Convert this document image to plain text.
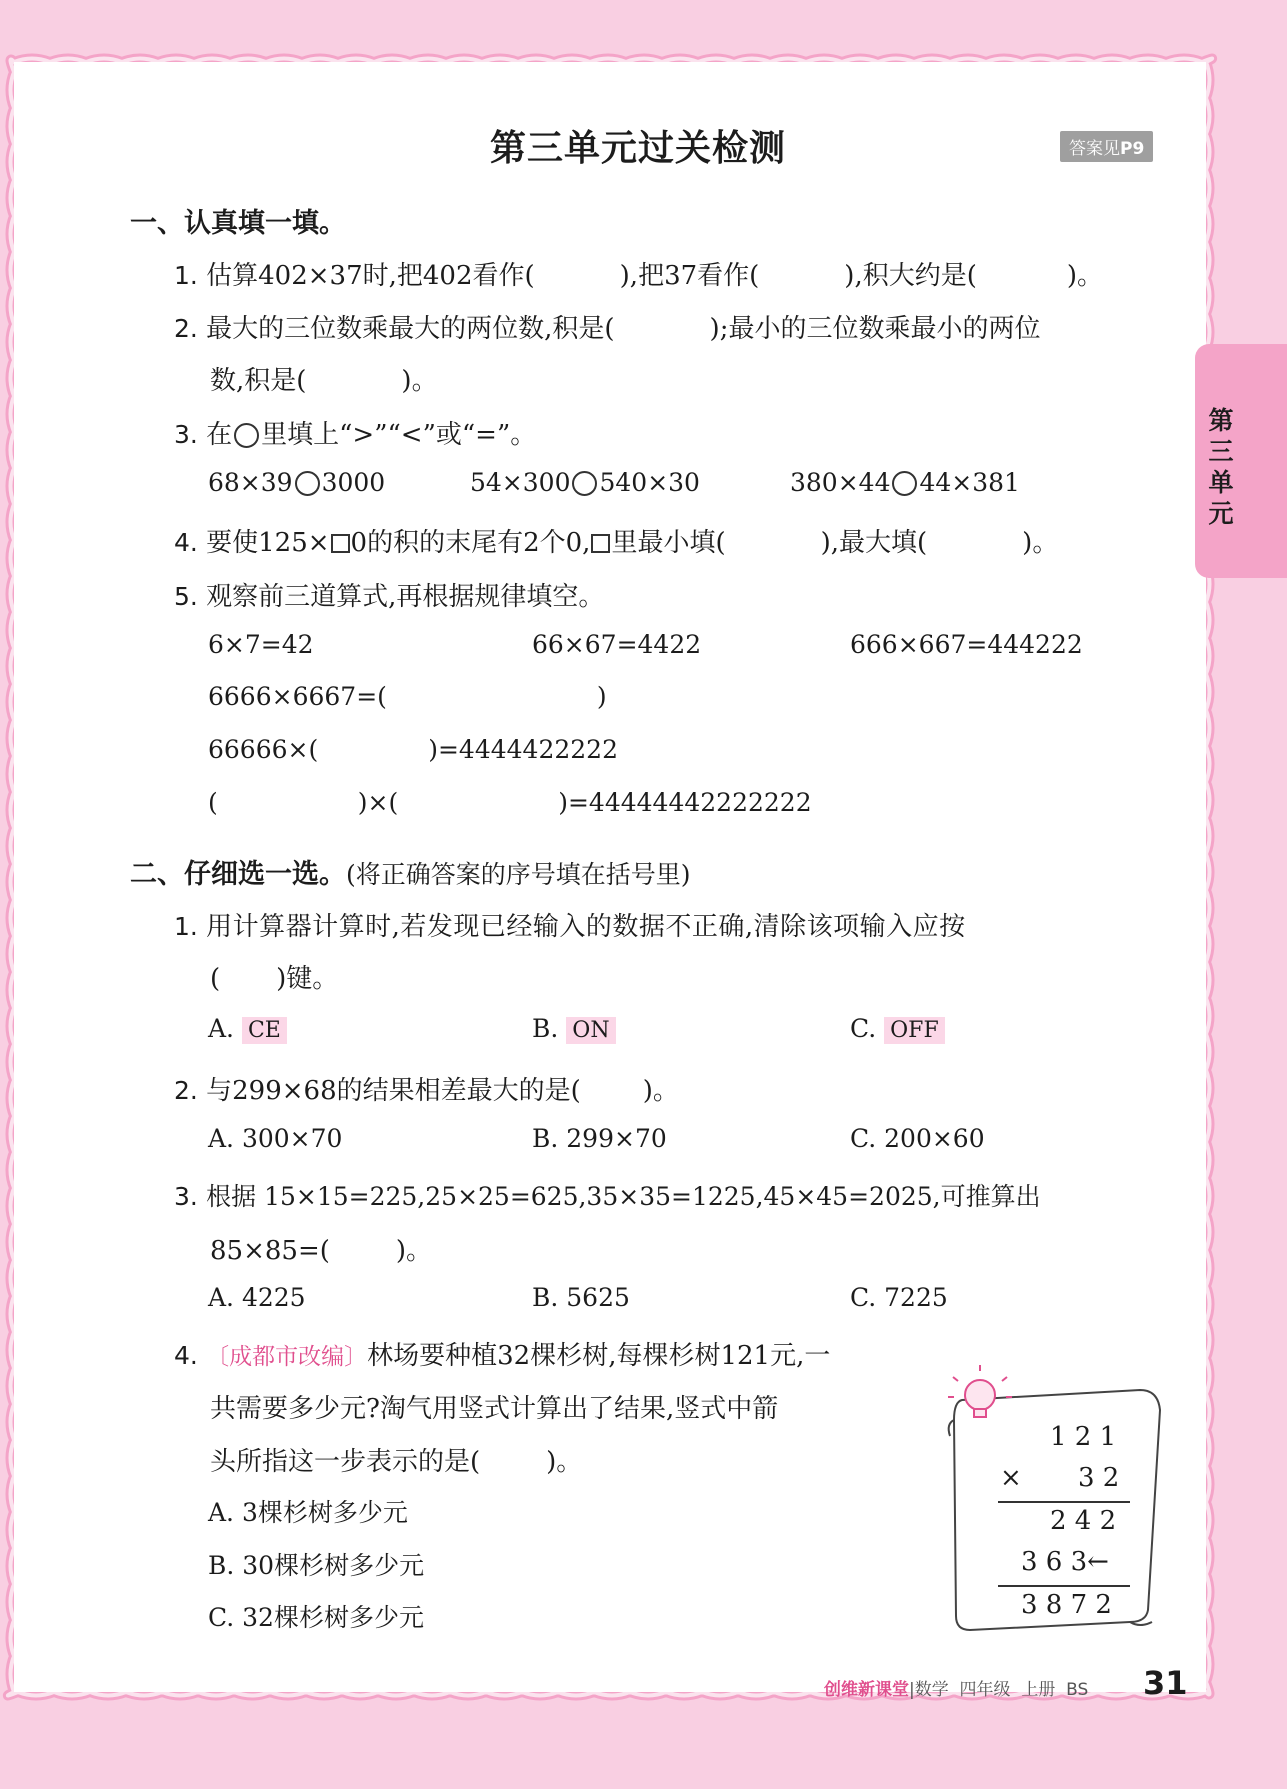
第三单元过关检测	答案见P9
第
三
单
元
一、认真填一填。
1. 估算402×37时,把402看作(	),把37看作(	),积大约是(	)。
2. 最大的三位数乘最大的两位数,积是(	);最小的三位数乘最小的两位
数,积是(	)。
3. 在 里填上“>”“<”或“=”。
68×39 3000	54×300 540×30	380×44 44×381
4. 要使125× 0的积的末尾有2个0, 里最小填(	),最大填(	)。
5. 观察前三道算式,再根据规律填空。
6×7=42	66×67=4422	666×667=444222
6666×6667=(	)
66666×(	)=4444422222
(	)×(	)=44444442222222
二、仔细选一选。(将正确答案的序号填在括号里)
1. 用计算器计算时,若发现已经输入的数据不正确,清除该项输入应按
( )键。
A. CE	B. ON	C. OFF
2. 与299×68的结果相差最大的是( )。
A. 300×70	B. 299×70	C. 200×60
3. 根据 15×15=225,25×25=625,35×35=1225,45×45=2025,可推算出
85×85=(	)。
A. 4225	B. 5625	C. 7225
4. 〔成都市改编〕林场要种植32棵杉树,每棵杉树121元,一
共需要多少元?淘气用竖式计算出了结果,竖式中箭
头所指这一步表示的是(	)。
A. 3棵杉树多少元
B. 30棵杉树多少元
C. 32棵杉树多少元
1 2 1
× 3 2
2 4 2
3 6 3←
3 8 7 2
创维新课堂|数学  四年级  上册  BS 31
